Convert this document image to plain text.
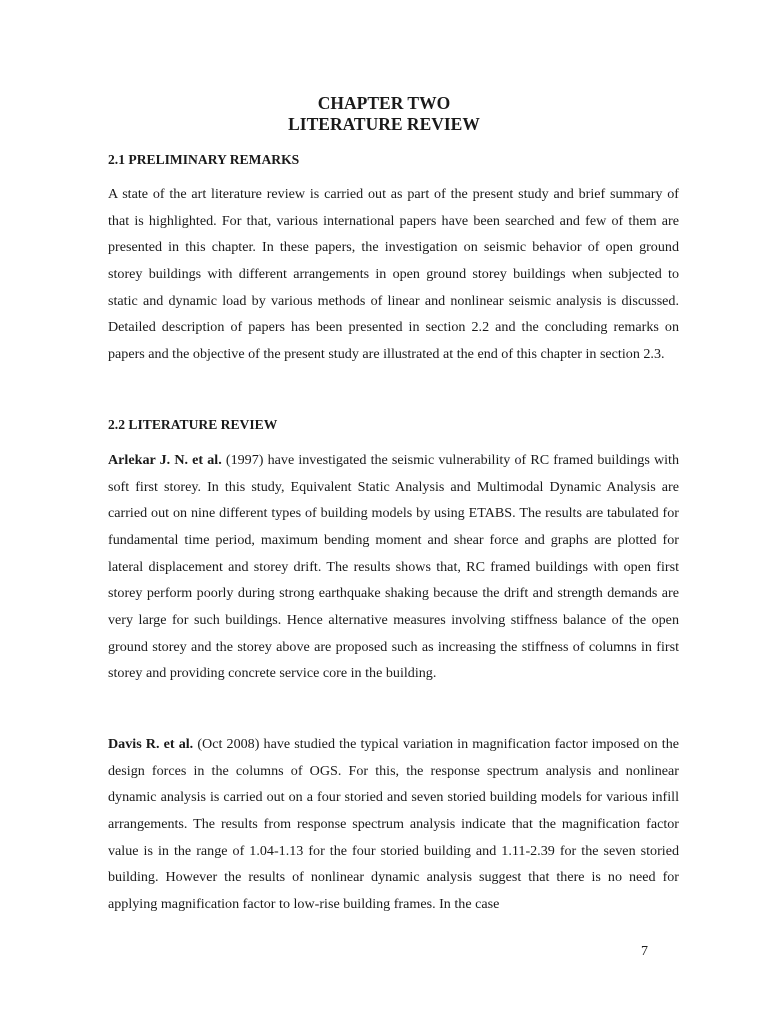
CHAPTER TWO
LITERATURE REVIEW
2.1 PRELIMINARY REMARKS

A state of the art literature review is carried out as part of the present study and brief summary of that is highlighted. For that, various international papers have been searched and few of them are presented in this chapter. In these papers, the investigation on seismic behavior of open ground storey buildings with different arrangements in open ground storey buildings when subjected to static and dynamic load by various methods of linear and nonlinear seismic analysis is discussed. Detailed description of papers has been presented in section 2.2 and the concluding remarks on papers and the objective of the present study are illustrated at the end of this chapter in section 2.3.

2.2 LITERATURE REVIEW

Arlekar J. N. et al. (1997) have investigated the seismic vulnerability of RC framed buildings with soft first storey. In this study, Equivalent Static Analysis and Multimodal Dynamic Analysis are carried out on nine different types of building models by using ETABS. The results are tabulated for fundamental time period, maximum bending moment and shear force and graphs are plotted for lateral displacement and storey drift. The results shows that, RC framed buildings with open first storey perform poorly during strong earthquake shaking because the drift and strength demands are very large for such buildings. Hence alternative measures involving stiffness balance of the open ground storey and the storey above are proposed such as increasing the stiffness of columns in first storey and providing concrete service core in the building.

Davis R. et al. (Oct 2008) have studied the typical variation in magnification factor imposed on the design forces in the columns of OGS. For this, the response spectrum analysis and nonlinear dynamic analysis is carried out on a four storied and seven storied building models for various infill arrangements. The results from response spectrum analysis indicate that the magnification factor value is in the range of 1.04-1.13 for the four storied building and 1.11-2.39 for the seven storied building. However the results of nonlinear dynamic analysis suggest that there is no need for applying magnification factor to low-rise building frames. In the case

7
